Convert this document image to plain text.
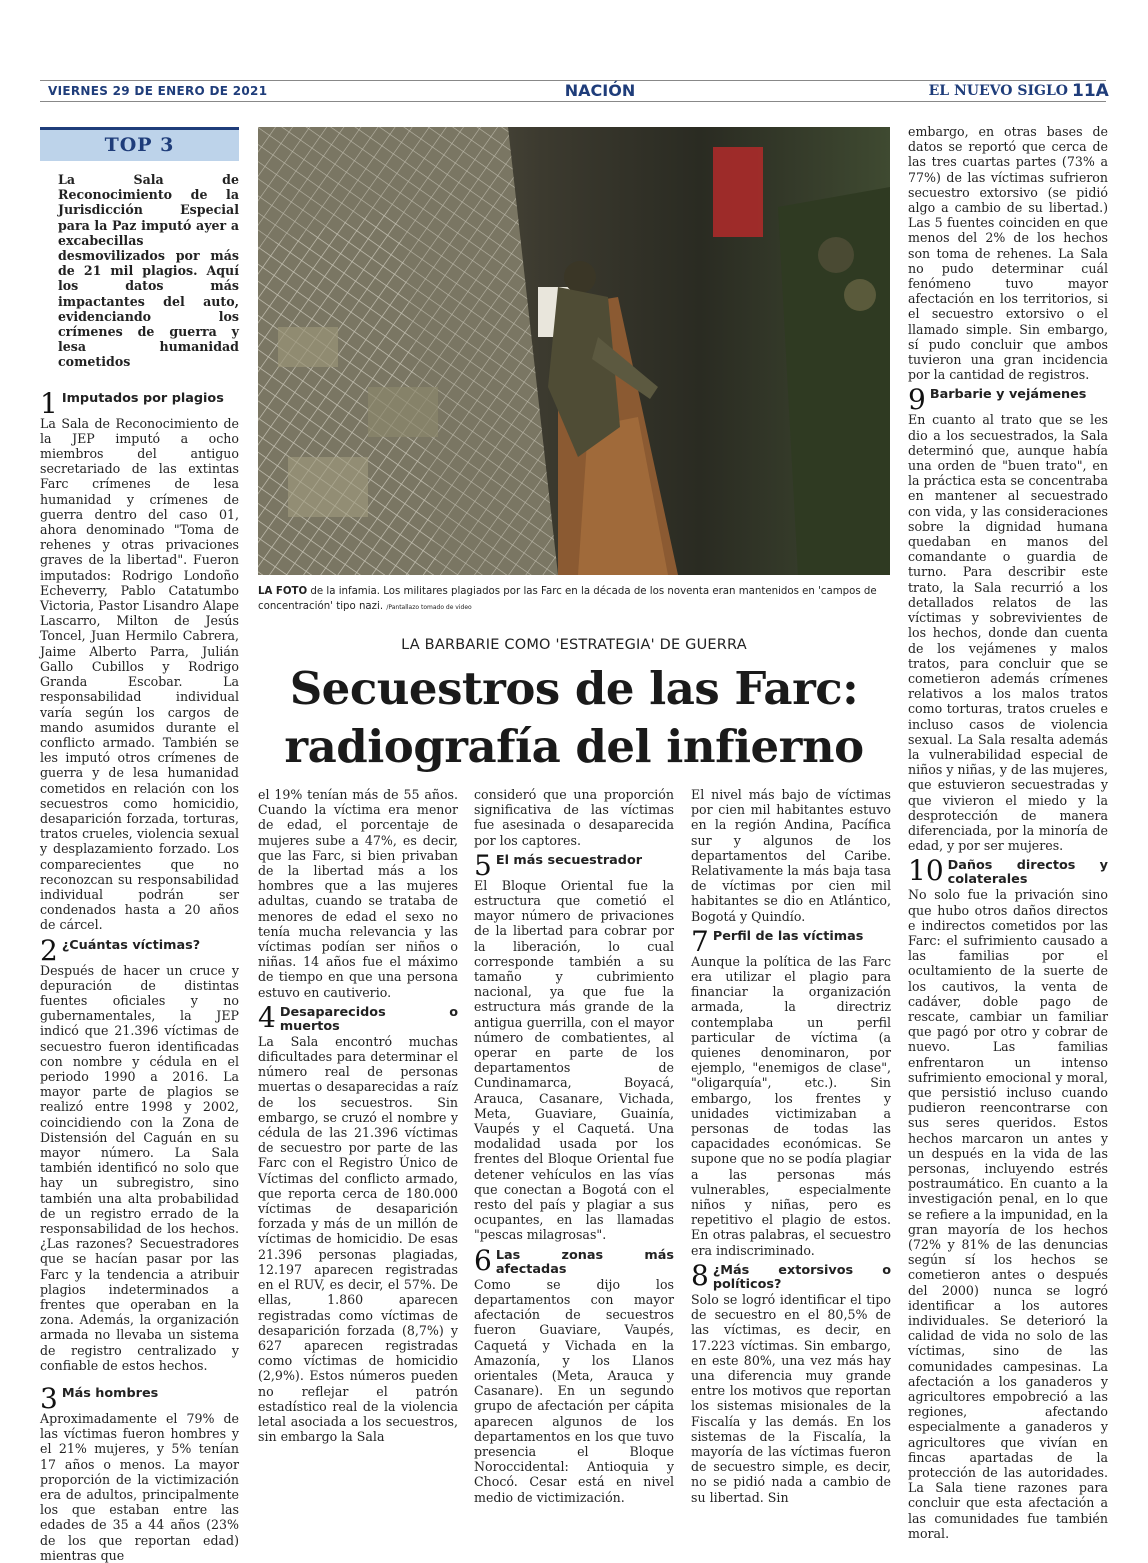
VIERNES 29 DE ENERO DE 2021	NACIÓN	EL NUEVO SIGLO 11A
TOP 3

La Sala de Reconocimiento de la Jurisdicción Especial para la Paz imputó ayer a excabecillas desmovilizados por más de 21 mil plagios. Aquí los datos más impactantes del auto, evidenciando los crímenes de guerra y lesa humanidad cometidos

1 Imputados por plagios

La Sala de Reconocimiento de la JEP imputó a ocho miembros del antiguo secretariado de las extintas Farc crímenes de lesa humanidad y crímenes de guerra dentro del caso 01, ahora denominado "Toma de rehenes y otras privaciones graves de la libertad". Fueron imputados: Rodrigo Londoño Echeverry, Pablo Catatumbo Victoria, Pastor Lisandro Alape Lascarro, Milton de Jesús Toncel, Juan Hermilo Cabrera, Jaime Alberto Parra, Julián Gallo Cubillos y Rodrigo Granda Escobar. La responsabilidad individual varía según los cargos de mando asumidos durante el conflicto armado. También se les imputó otros crímenes de guerra y de lesa humanidad cometidos en relación con los secuestros como homicidio, desaparición forzada, torturas, tratos crueles, violencia sexual y desplazamiento forzado. Los comparecientes que no reconozcan su responsabilidad individual podrán ser condenados hasta a 20 años de cárcel.

2 ¿Cuántas víctimas?

Después de hacer un cruce y depuración de distintas fuentes oficiales y no gubernamentales, la JEP indicó que 21.396 víctimas de secuestro fueron identificadas con nombre y cédula en el periodo 1990 a 2016. La mayor parte de plagios se realizó entre 1998 y 2002, coincidiendo con la Zona de Distensión del Caguán en su mayor número. La Sala también identificó no solo que hay un subregistro, sino también una alta probabilidad de un registro errado de la responsabilidad de los hechos. ¿Las razones? Secuestradores que se hacían pasar por las Farc y la tendencia a atribuir plagios indeterminados a frentes que operaban en la zona. Además, la organización armada no llevaba un sistema de registro centralizado y confiable de estos hechos.

3 Más hombres

Aproximadamente el 79% de las víctimas fueron hombres y el 21% mujeres, y 5% tenían 17 años o menos. La mayor proporción de la victimización era de adultos, principalmente los que estaban entre las edades de 35 a 44 años (23% de los que reportan edad) mientras que

LA FOTO de la infamia. Los militares plagiados por las Farc en la década de los noventa eran mantenidos en 'campos de concentración' tipo nazi. /Pantallazo tomado de video
LA BARBARIE COMO 'ESTRATEGIA' DE GUERRA
Secuestros de las Farc:
radiografía del infierno

el 19% tenían más de 55 años. Cuando la víctima era menor de edad, el porcentaje de mujeres sube a 47%, es decir, que las Farc, si bien privaban de la libertad más a los hombres que a las mujeres adultas, cuando se trataba de menores de edad el sexo no tenía mucha relevancia y las víctimas podían ser niños o niñas. 14 años fue el máximo de tiempo en que una persona estuvo en cautiverio.

4 Desaparecidos o muertos

La Sala encontró muchas dificultades para determinar el número real de personas muertas o desaparecidas a raíz de los secuestros. Sin embargo, se cruzó el nombre y cédula de las 21.396 víctimas de secuestro por parte de las Farc con el Registro Único de Víctimas del conflicto armado, que reporta cerca de 180.000 víctimas de desaparición forzada y más de un millón de víctimas de homicidio. De esas 21.396 personas plagiadas, 12.197 aparecen registradas en el RUV, es decir, el 57%. De ellas, 1.860 aparecen registradas como víctimas de desaparición forzada (8,7%) y 627 aparecen registradas como víctimas de homicidio (2,9%). Estos números pueden no reflejar el patrón estadístico real de la violencia letal asociada a los secuestros, sin embargo la Sala

consideró que una proporción significativa de las víctimas fue asesinada o desaparecida por los captores.

5 El más secuestrador

El Bloque Oriental fue la estructura que cometió el mayor número de privaciones de la libertad para cobrar por la liberación, lo cual corresponde también a su tamaño y cubrimiento nacional, ya que fue la estructura más grande de la antigua guerrilla, con el mayor número de combatientes, al operar en parte de los departamentos de Cundinamarca, Boyacá, Arauca, Casanare, Vichada, Meta, Guaviare, Guainía, Vaupés y el Caquetá. Una modalidad usada por los frentes del Bloque Oriental fue detener vehículos en las vías que conectan a Bogotá con el resto del país y plagiar a sus ocupantes, en las llamadas "pescas milagrosas".

6 Las zonas más afectadas

Como se dijo los departamentos con mayor afectación de secuestros fueron Guaviare, Vaupés, Caquetá y Vichada en la Amazonía, y los Llanos orientales (Meta, Arauca y Casanare). En un segundo grupo de afectación per cápita aparecen algunos de los departamentos en los que tuvo presencia el Bloque Noroccidental: Antioquia y Chocó. Cesar está en nivel medio de victimización.

El nivel más bajo de víctimas por cien mil habitantes estuvo en la región Andina, Pacífica sur y algunos de los departamentos del Caribe. Relativamente la más baja tasa de víctimas por cien mil habitantes se dio en Atlántico, Bogotá y Quindío.

7 Perfil de las víctimas

Aunque la política de las Farc era utilizar el plagio para financiar la organización armada, la directriz contemplaba un perfil particular de víctima (a quienes denominaron, por ejemplo, "enemigos de clase", "oligarquía", etc.). Sin embargo, los frentes y unidades victimizaban a personas de todas las capacidades económicas. Se supone que no se podía plagiar a las personas más vulnerables, especialmente niños y niñas, pero es repetitivo el plagio de estos. En otras palabras, el secuestro era indiscriminado.

8 ¿Más extorsivos o políticos?

Solo se logró identificar el tipo de secuestro en el 80,5% de las víctimas, es decir, en 17.223 víctimas. Sin embargo, en este 80%, una vez más hay una diferencia muy grande entre los motivos que reportan los sistemas misionales de la Fiscalía y las demás. En los sistemas de la Fiscalía, la mayoría de las víctimas fueron de secuestro simple, es decir, no se pidió nada a cambio de su libertad. Sin

embargo, en otras bases de datos se reportó que cerca de las tres cuartas partes (73% a 77%) de las víctimas sufrieron secuestro extorsivo (se pidió algo a cambio de su libertad.) Las 5 fuentes coinciden en que menos del 2% de los hechos son toma de rehenes. La Sala no pudo determinar cuál fenómeno tuvo mayor afectación en los territorios, si el secuestro extorsivo o el llamado simple. Sin embargo, sí pudo concluir que ambos tuvieron una gran incidencia por la cantidad de registros.

9 Barbarie y vejámenes

En cuanto al trato que se les dio a los secuestrados, la Sala determinó que, aunque había una orden de "buen trato", en la práctica esta se concentraba en mantener al secuestrado con vida, y las consideraciones sobre la dignidad humana quedaban en manos del comandante o guardia de turno. Para describir este trato, la Sala recurrió a los detallados relatos de las víctimas y sobrevivientes de los hechos, donde dan cuenta de los vejámenes y malos tratos, para concluir que se cometieron además crímenes relativos a los malos tratos como torturas, tratos crueles e incluso casos de violencia sexual. La Sala resalta además la vulnerabilidad especial de niños y niñas, y de las mujeres, que estuvieron secuestradas y que vivieron el miedo y la desprotección de manera diferenciada, por la minoría de edad, y por ser mujeres.

10 Daños directos y colaterales

No solo fue la privación sino que hubo otros daños directos e indirectos cometidos por las Farc: el sufrimiento causado a las familias por el ocultamiento de la suerte de los cautivos, la venta de cadáver, doble pago de rescate, cambiar un familiar que pagó por otro y cobrar de nuevo. Las familias enfrentaron un intenso sufrimiento emocional y moral, que persistió incluso cuando pudieron reencontrarse con sus seres queridos. Estos hechos marcaron un antes y un después en la vida de las personas, incluyendo estrés postraumático. En cuanto a la investigación penal, en lo que se refiere a la impunidad, en la gran mayoría de los hechos (72% y 81% de las denuncias según sí los hechos se cometieron antes o después del 2000) nunca se logró identificar a los autores individuales. Se deterioró la calidad de vida no solo de las víctimas, sino de las comunidades campesinas. La afectación a los ganaderos y agricultores empobreció a las regiones, afectando especialmente a ganaderos y agricultores que vivían en fincas apartadas de la protección de las autoridades. La Sala tiene razones para concluir que esta afectación a las comunidades fue también moral.
